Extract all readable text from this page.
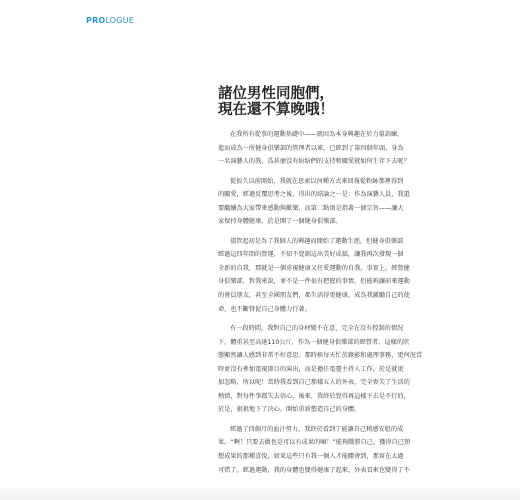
PROLOGUE
諸位男性同胞們，
現在還不算晚哦！
在我所有從事的運動基礎中——就因為本身興趣在於力量訓練，
進而成為一所健身俱樂部的管理者以來，已經到了第四個年頭。身為
一名演藝人的我，爲甚麼沒有紛紛們的支持和關愛就如何生存下去呢？
從很久以前開始，我就在思索以何種方式來回報從粉絲那裡得到
的關愛，經過反覆思考之後，得出的結論之一是：作為演藝人員，我還
要繼續為大家帶來感動與歡樂，而第二點則是指著一個宗旨——讓大
家保持身體健康，於是開了一個健身俱樂部。
儘管起初是為了我個人的興趣而開始了運動生涯，但健身俱樂部
經過這四年間的營運，不知不覺副這出美好成績，讓我再次發現一個
全新的自我，那就是一個重視健康又狂愛運動的自我。事實上，經營健
身俱樂部，對我來說，並不是一件很有把握的事情，但能夠讓前來運動
的會員朋友，甚至全國朋友們，都生活得更健康，成為我激勵自己的使
命，也不斷督促自己身體力行著。
有一段時間，我對自己的身材變不在意，完全在沒有控制的情況
下，體重甚至高達110公斤，作為一個健身俱樂部的經營者，這樣的狀
態顯然讓人感到非常不好意思。那時候每天忙於錄影和處理事務，更何況當
時並沒有參加電視節目的演出，而是擔任電臺主持人工作，於是就更
加忽略，所以呢！當時我看到自己那樣五人的外表，完全喪失了生活的
熱情，對每件事都失去信心，後來，我終於覺得再這樣下去是不行的，
於是，狠狠地下了決心，開始重新塑造自己的身體。
經過了四個月的血汗努力，我終於看到了能讓自己稍感安慰的成
果。“啊！只要去做也是可以有成果的嘛！”能夠戰勝自己，獲得自己預
想成果的那種喜悅，如果這些只有我一個人才能體會到，那實在太過
可惜了。經過運動，我的身體也變得健康了起來，外表看來也變得了不
